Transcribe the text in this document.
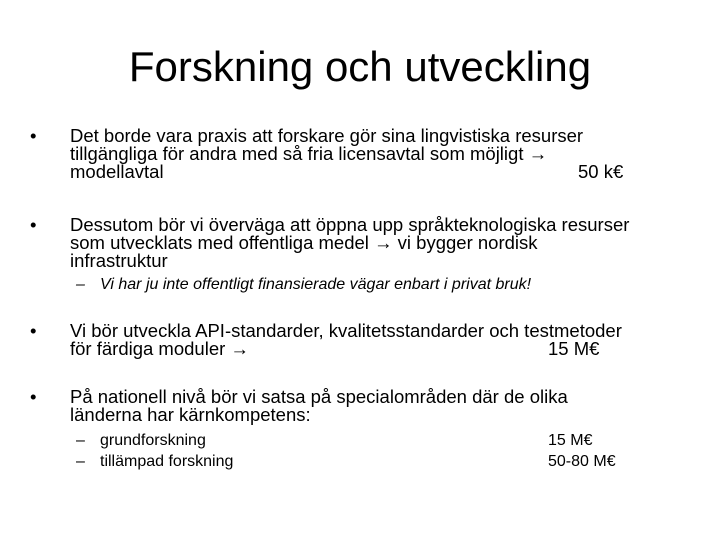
Forskning och utveckling
•	Det borde vara praxis att forskare gör sina lingvistiska resurser
tillgängliga för andra med så fria licensavtal som möjligt →
modellavtal	50 k€
•	Dessutom bör vi överväga att öppna upp språkteknologiska resurser
som utvecklats med offentliga medel → vi bygger nordisk
infrastruktur
– Vi har ju inte offentligt finansierade vägar enbart i privat bruk!
•	Vi bör utveckla API-standarder, kvalitetsstandarder och testmetoder
för färdiga moduler →	15 M€
•	På nationell nivå bör vi satsa på specialområden där de olika
länderna har kärnkompetens:
– grundforskning	15 M€
– tillämpad forskning	50-80 M€
